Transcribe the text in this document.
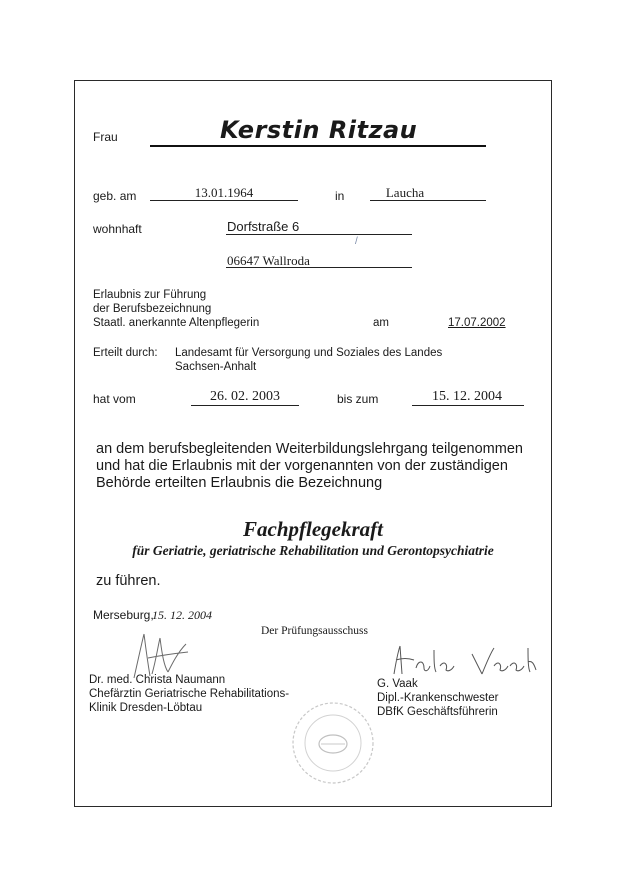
Frau	Kerstin Ritzau
geb. am	13.01.1964	in	Laucha
wohnhaft	Dorfstraße 6
/
06647 Wallroda
Erlaubnis zur Führung
der Berufsbezeichnung
Staatl. anerkannte Altenpflegerin	am	17.07.2002
Erteilt durch: Landesamt für Versorgung und Soziales des Landes
Sachsen-Anhalt
hat vom	26. 02. 2003	bis zum	15. 12. 2004
an dem berufsbegleitenden Weiterbildungslehrgang teilgenommen
und hat die Erlaubnis mit der vorgenannten von der zuständigen
Behörde erteilten Erlaubnis die Bezeichnung
Fachpflegekraft
für Geriatrie, geriatrische Rehabilitation und Gerontopsychiatrie
zu führen.
Merseburg,
15. 12. 2004
Der Prüfungsausschuss
Dr. med. Christa Naumann
Chefärztin Geriatrische Rehabilitations-
Klinik Dresden-Löbtau
G. Vaak
Dipl.-Krankenschwester
DBfK Geschäftsführerin
